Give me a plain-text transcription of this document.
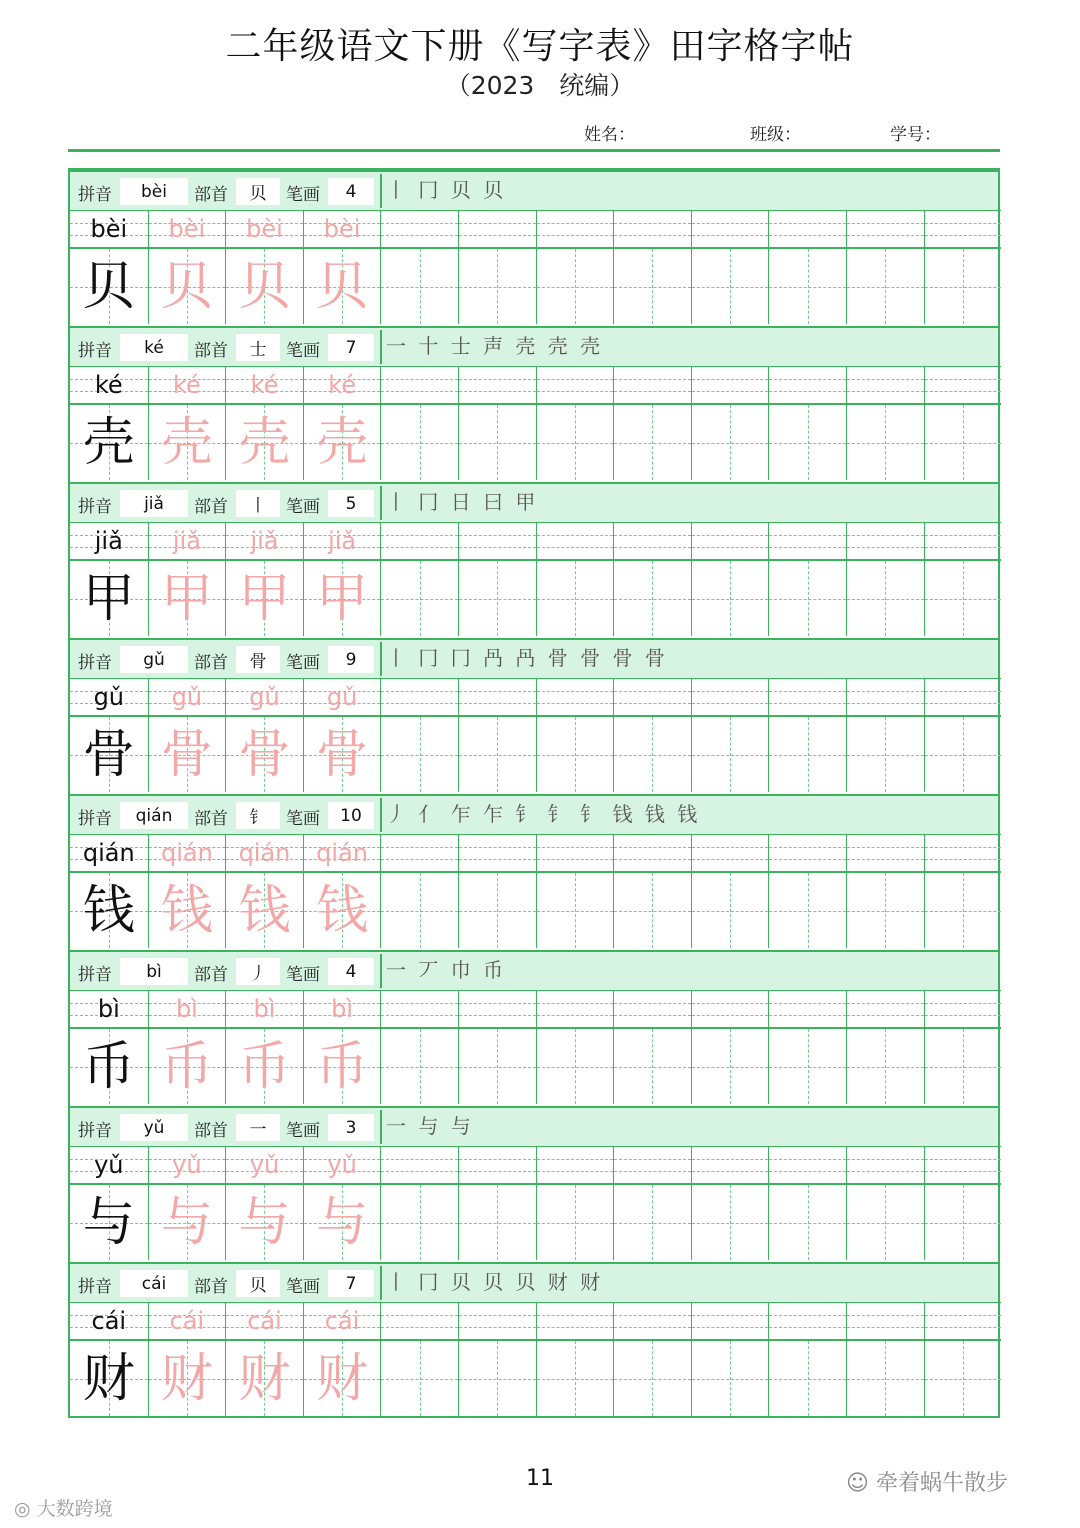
二年级语文下册《写字表》田字格字帖
（2023　统编）
姓名：	班级：	学号：
拼音	bèi	部首	贝	笔画	4	丨 冂 贝 贝
bèi	bèi	bèi	bèi
贝 贝 贝 贝
拼音	ké	部首	士	笔画	7	一 十 士 声 壳 壳 壳
ké	ké	ké	ké
壳 壳 壳 壳
拼音	jiǎ	部首	丨	笔画	5	丨 冂 日 曰 甲
jiǎ	jiǎ	jiǎ	jiǎ
甲 甲 甲 甲
拼音	gǔ	部首	骨	笔画	9	丨 冂 冂 冎 冎 骨 骨 骨 骨
gǔ	gǔ	gǔ	gǔ
骨 骨 骨 骨
拼音	qián	部首	钅	笔画	10	丿 亻 乍 乍 钅 钅 钅 钱 钱 钱
qián	qián	qián	qián
钱 钱 钱 钱
拼音	bì	部首	丿	笔画	4	一 丆 巾 币
bì	bì	bì	bì
币 币 币 币
拼音	yǔ	部首	一	笔画	3	一 与 与
yǔ	yǔ	yǔ	yǔ
与 与 与 与
拼音	cái	部首	贝	笔画	7	丨 冂 贝 贝 贝 财 财
cái	cái	cái	cái
财 财 财 财
11	☺ 牵着蜗牛散步
◎ 大数跨境
